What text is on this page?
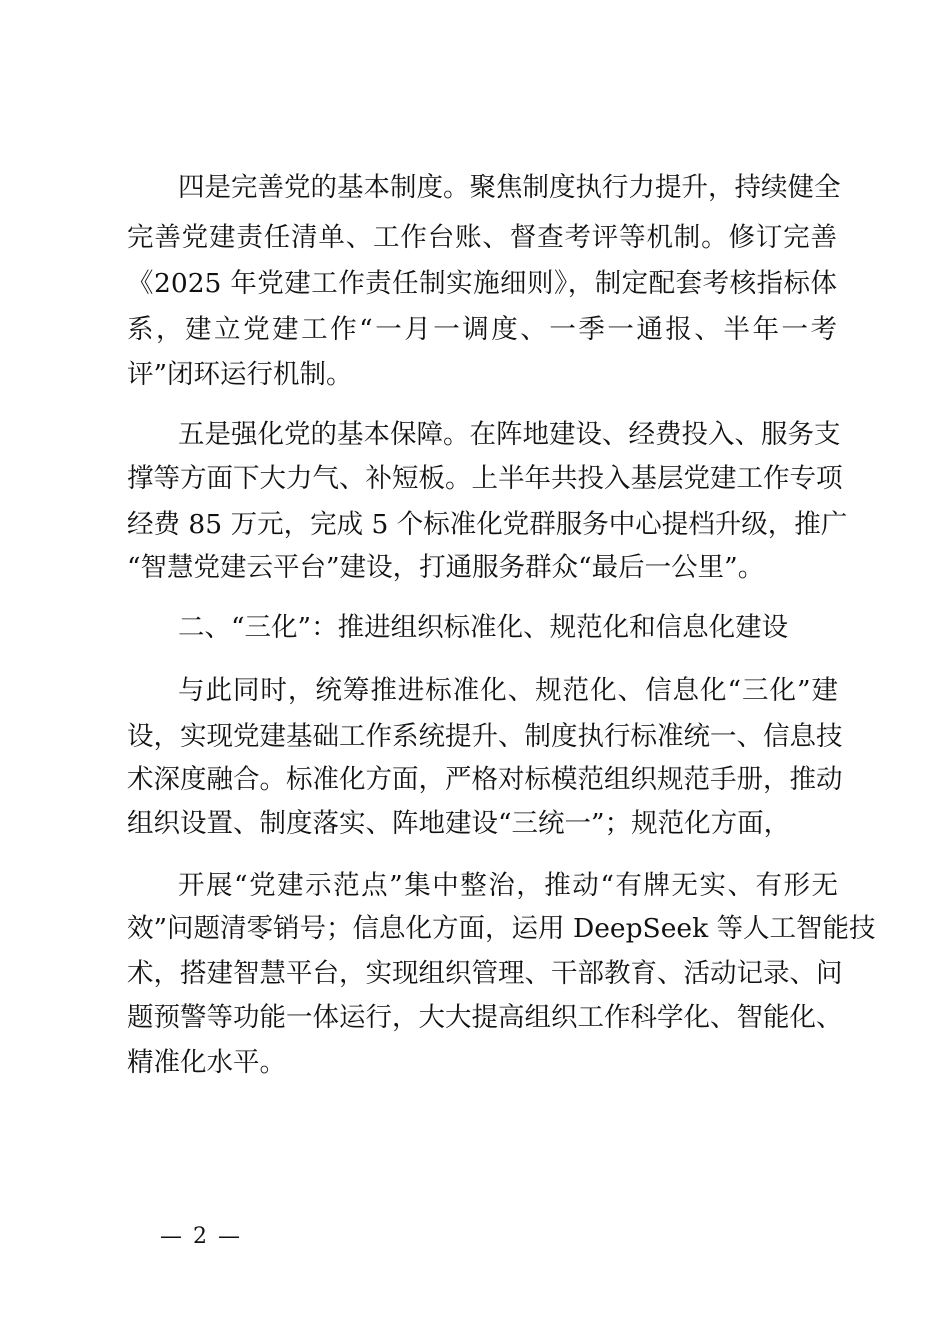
四是完善党的基本制度。聚焦制度执行力提升，持续健全

完善党建责任清单、工作台账、督查考评等机制。修订完善

《2025 年党建工作责任制实施细则》，制定配套考核指标体

系，建立党建工作“一月一调度、一季一通报、半年一考

评”闭环运行机制。

五是强化党的基本保障。在阵地建设、经费投入、服务支

撑等方面下大力气、补短板。上半年共投入基层党建工作专项

经费 85 万元，完成 5 个标准化党群服务中心提档升级，推广

“智慧党建云平台”建设，打通服务群众“最后一公里”。

二、“三化”：推进组织标准化、规范化和信息化建设

与此同时，统筹推进标准化、规范化、信息化“三化”建

设，实现党建基础工作系统提升、制度执行标准统一、信息技

术深度融合。标准化方面，严格对标模范组织规范手册，推动

组织设置、制度落实、阵地建设“三统一”；规范化方面，

开展“党建示范点”集中整治，推动“有牌无实、有形无

效”问题清零销号；信息化方面，运用 DeepSeek 等人工智能技

术，搭建智慧平台，实现组织管理、干部教育、活动记录、问

题预警等功能一体运行，大大提高组织工作科学化、智能化、

精准化水平。

— 2 —
